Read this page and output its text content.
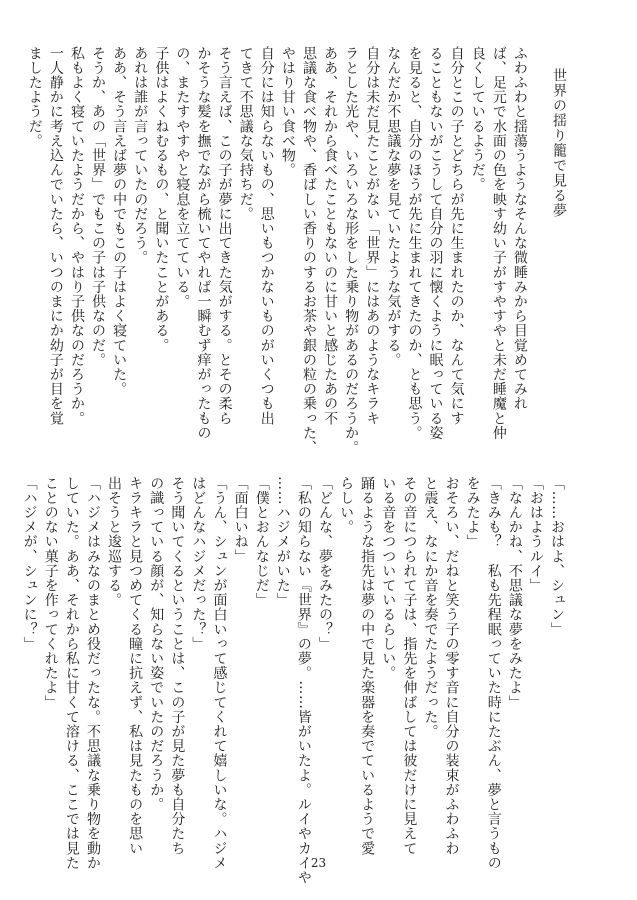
世界の揺り籠で見る夢
ふわふわと揺蕩うようなそんな微睡みから目覚めてみれ
ば、足元で水面の色を映す幼い子がすやすやと未だ睡魔と仲
良くしているようだ。
自分とこの子とどちらが先に生まれたのか、なんて気にす
ることもないがこうして自分の羽に懐くように眠っている姿
を見ると、自分のほうが先に生まれてきたのか、とも思う。
なんだか不思議な夢を見ていたような気がする。
自分は未だ見たことがない「世界」にはあのようなキラキ
ラとした光や、いろいろな形をした乗り物があるのだろうか。
ああ、それから食べたこともないのに甘いと感じたあの不
思議な食べ物や、香ばしい香りのするお茶や銀の粒の乗った、
やはり甘い食べ物。
自分には知らないもの、思いもつかないものがいくつも出
てきて不思議な気持ちだ。
そう言えば、この子が夢に出てきた気がする。とその柔ら
かそうな髪を撫でながら梳いてやれば一瞬むず痒がったもの
の、またすやすやと寝息を立てている。
子供はよくねむるもの、と聞いたことがある。
あれは誰が言っていたのだろう。
ああ、そう言えば夢の中でもこの子はよく寝ていた。
そうか、あの「世界」でもこの子は子供なのだ。
私もよく寝ていたようだから、やはり子供なのだろうか。
一人静かに考え込んでいたら、いつのまにか幼子が目を覚
ましたようだ。
「……おはよ、シュン」
「おはようルイ」
「なんかね、不思議な夢をみたよ」
「きみも？　私も先程眠っていた時にたぶん、夢と言うもの
をみたよ」
おそろい、だねと笑う子の零す音に自分の装束がふわふわ
と震え、なにか音を奏でたようだった。
その音につられて子は、指先を伸ばしては彼だけに見えて
いる音をつついているらしい。
踊るような指先は夢の中で見た楽器を奏でているようで愛
らしい。
「どんな、夢をみたの？」
「私の知らない『世界』の夢。……皆がいたよ。ルイやカイや
……ハジメがいた」
「僕とおんなじだ」
「面白いね」
「うん、シュンが面白いって感じてくれて嬉しいな。ハジメ
はどんなハジメだった？」
そう聞いてくるということは、この子が見た夢も自分たち
の識っている顔が、知らない姿でいたのだろうか。
キラキラと見つめてくる瞳に抗えず、私は見たものを思い
出そうと逡巡する。
「ハジメはみなのまとめ役だったな。不思議な乗り物を動か
していた。ああ、それから私に甘くて溶ける、ここでは見た
ことのない菓子を作ってくれたよ」
「ハジメが、シュンに？」
23
